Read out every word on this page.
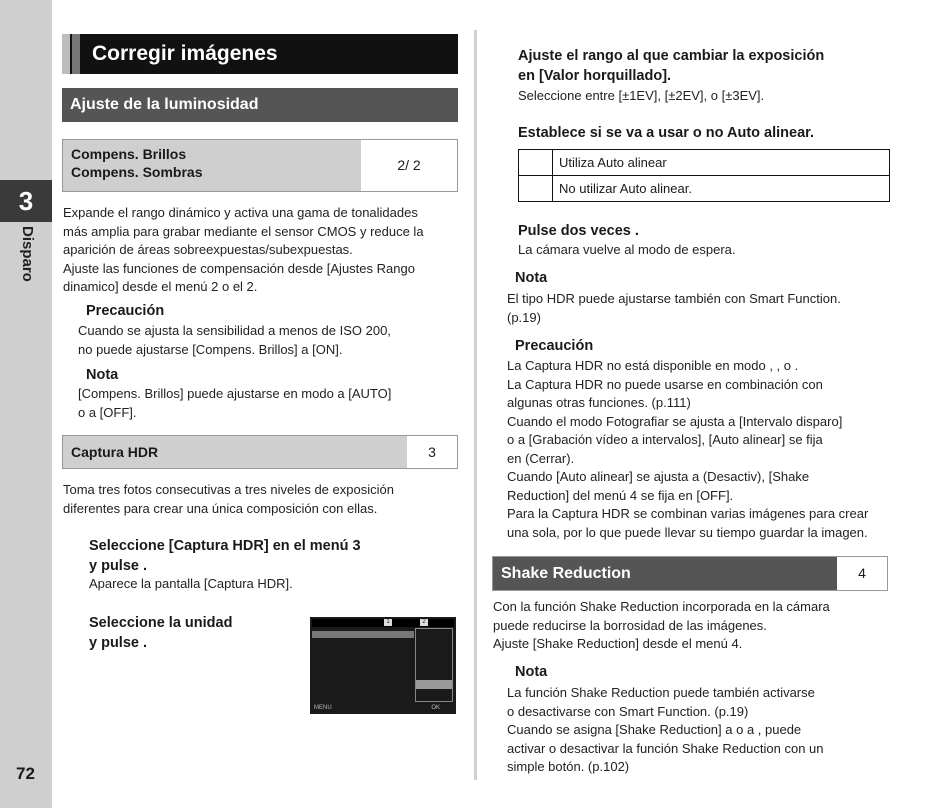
3
Disparo
72
Corregir imágenes
Ajuste de la luminosidad
Compens. Brillos
Compens. Sombras	2/ 2
Expande el rango dinámico y activa una gama de tonalidades
más amplia para grabar mediante el sensor CMOS y reduce la
aparición de áreas sobreexpuestas/subexpuestas.
Ajuste las funciones de compensación desde [Ajustes Rango
dinamico] desde el menú 2 o el 2.
Precaución
Cuando se ajusta la sensibilidad a menos de ISO 200,
no puede ajustarse [Compens. Brillos] a [ON].
Nota
[Compens. Brillos] puede ajustarse en modo a [AUTO]
o a [OFF].
Captura HDR	3
Toma tres fotos consecutivas a tres niveles de exposición
diferentes para crear una única composición con ellas.
Seleccione [Captura HDR] en el menú 3
y pulse .
Aparece la pantalla [Captura HDR].
Seleccione la unidad
y pulse .
1	2
MENU	OK
Ajuste el rango al que cambiar la exposición
en [Valor horquillado].
Seleccione entre [±1EV], [±2EV], o [±3EV].
Establece si se va a usar o no Auto alinear.
	Utiliza Auto alinear
	No utilizar Auto alinear.
Pulse dos veces .
La cámara vuelve al modo de espera.
Nota
El tipo HDR puede ajustarse también con Smart Function.
(p.19)
Precaución
La Captura HDR no está disponible en modo , , o .
La Captura HDR no puede usarse en combinación con
algunas otras funciones. (p.111)
Cuando el modo Fotografiar se ajusta a [Intervalo disparo]
o a [Grabación vídeo a intervalos], [Auto alinear] se fija
en (Cerrar).
Cuando [Auto alinear] se ajusta a (Desactiv), [Shake
Reduction] del menú 4 se fija en [OFF].
Para la Captura HDR se combinan varias imágenes para crear
una sola, por lo que puede llevar su tiempo guardar la imagen.
Shake Reduction	4
Con la función Shake Reduction incorporada en la cámara
puede reducirse la borrosidad de las imágenes.
Ajuste [Shake Reduction] desde el menú 4.
Nota
La función Shake Reduction puede también activarse
o desactivarse con Smart Function. (p.19)
Cuando se asigna [Shake Reduction] a o a , puede
activar o desactivar la función Shake Reduction con un
simple botón. (p.102)
